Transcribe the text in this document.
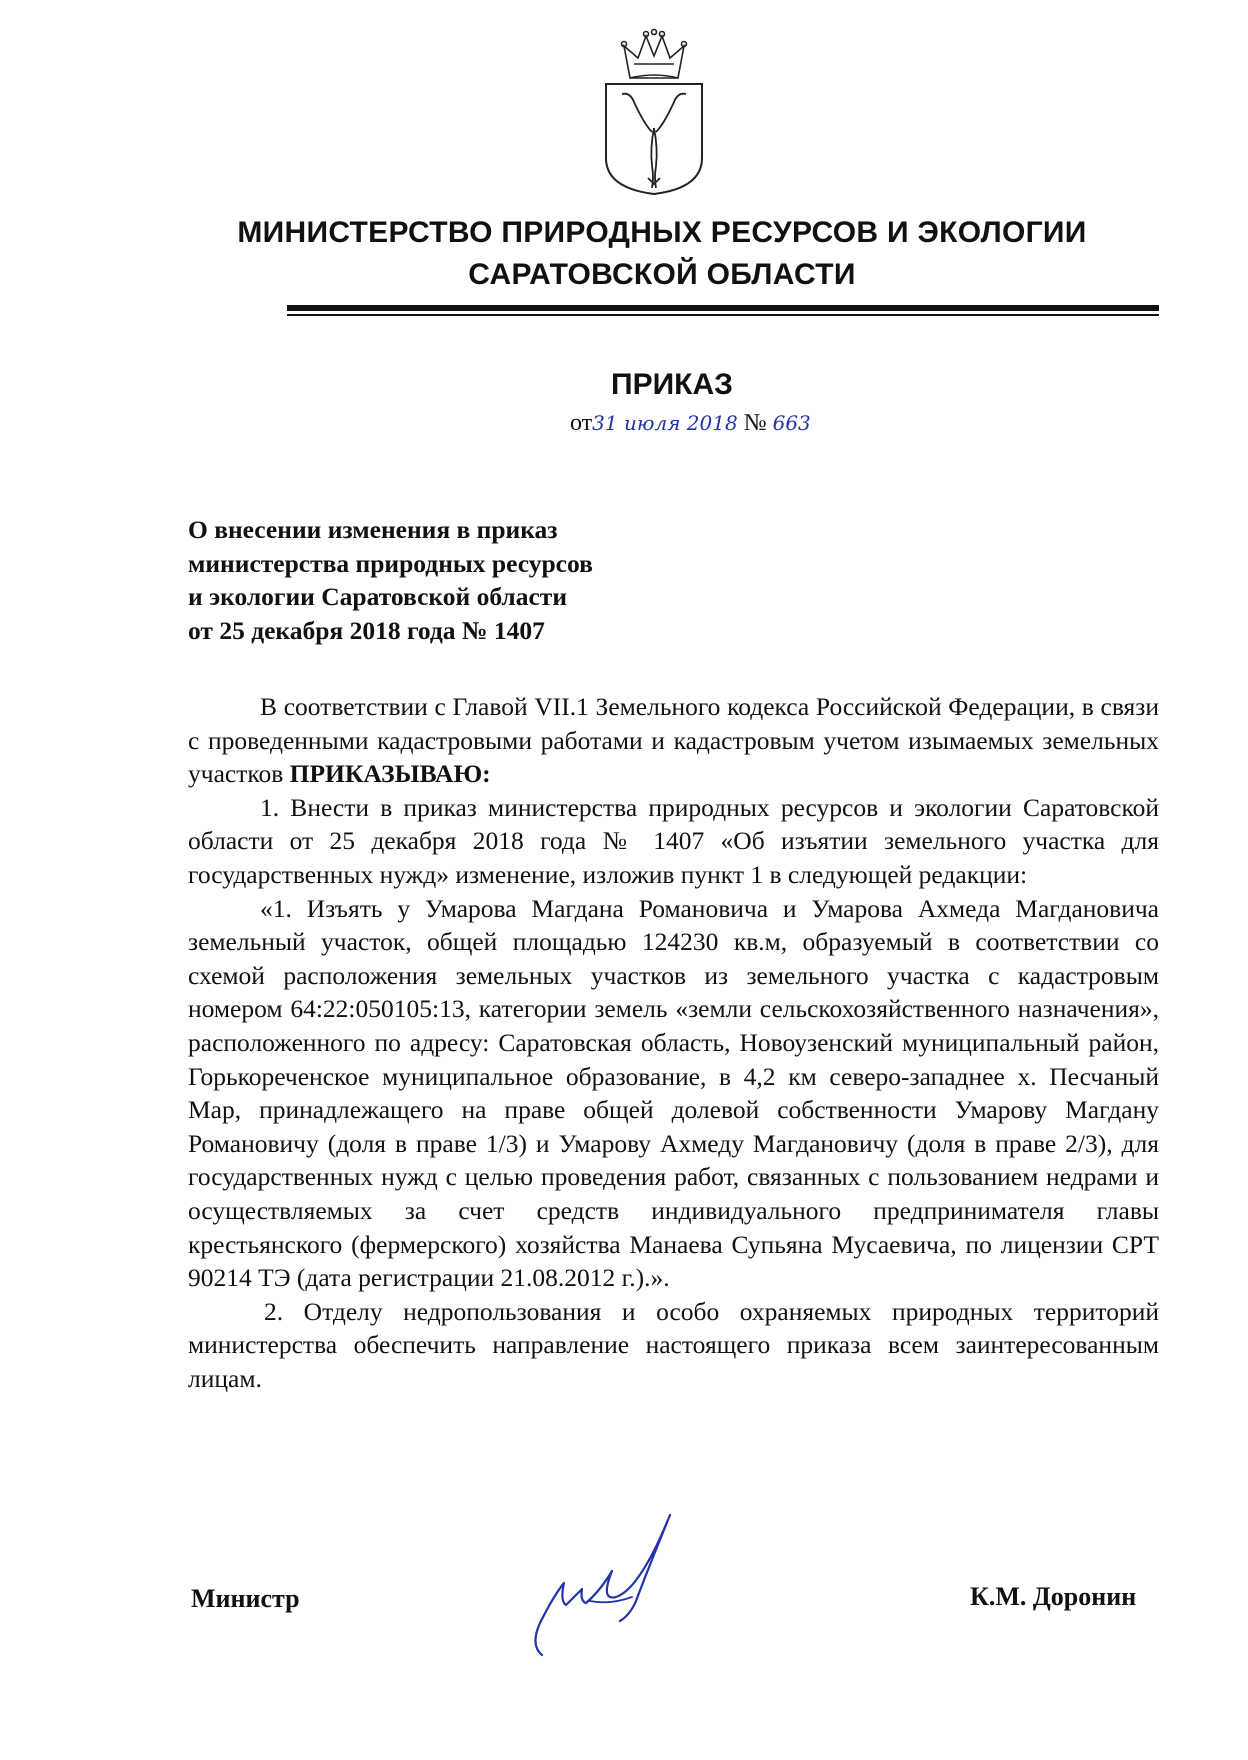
МИНИСТЕРСТВО ПРИРОДНЫХ РЕСУРСОВ И ЭКОЛОГИИ
САРАТОВСКОЙ ОБЛАСТИ
ПРИКАЗ
от31 июля 2018 № 663
О внесении изменения в приказ
министерства природных ресурсов
и экологии Саратовской области
от 25 декабря 2018 года № 1407

В соответствии с Главой VII.1 Земельного кодекса Российской Федерации, в связи с проведенными кадастровыми работами и кадастровым учетом изымаемых земельных участков ПРИКАЗЫВАЮ:

1. Внести в приказ министерства природных ресурсов и экологии Саратовской области от 25 декабря 2018 года № 1407 «Об изъятии земельного участка для государственных нужд» изменение, изложив пункт 1 в следующей редакции:

«1. Изъять у Умарова Магдана Романовича и Умарова Ахмеда Магдановича земельный участок, общей площадью 124230 кв.м, образуемый в соответствии со схемой расположения земельных участков из земельного участка с кадастровым номером 64:22:050105:13, категории земель «земли сельскохозяйственного назначения», расположенного по адресу: Саратовская область, Новоузенский муниципальный район, Горькореченское муниципальное образование, в 4,2 км северо-западнее х. Песчаный Мар, принадлежащего на праве общей долевой собственности Умарову Магдану Романовичу (доля в праве 1/3) и Умарову Ахмеду Магдановичу (доля в праве 2/3), для государственных нужд с целью проведения работ, связанных с пользованием недрами и осуществляемых за счет средств индивидуального предпринимателя главы крестьянского (фермерского) хозяйства Манаева Супьяна Мусаевича, по лицензии СРТ 90214 ТЭ (дата регистрации 21.08.2012 г.).».

2. Отделу недропользования и особо охраняемых природных территорий министерства обеспечить направление настоящего приказа всем заинтересованным лицам.

Министр	К.М. Доронин
